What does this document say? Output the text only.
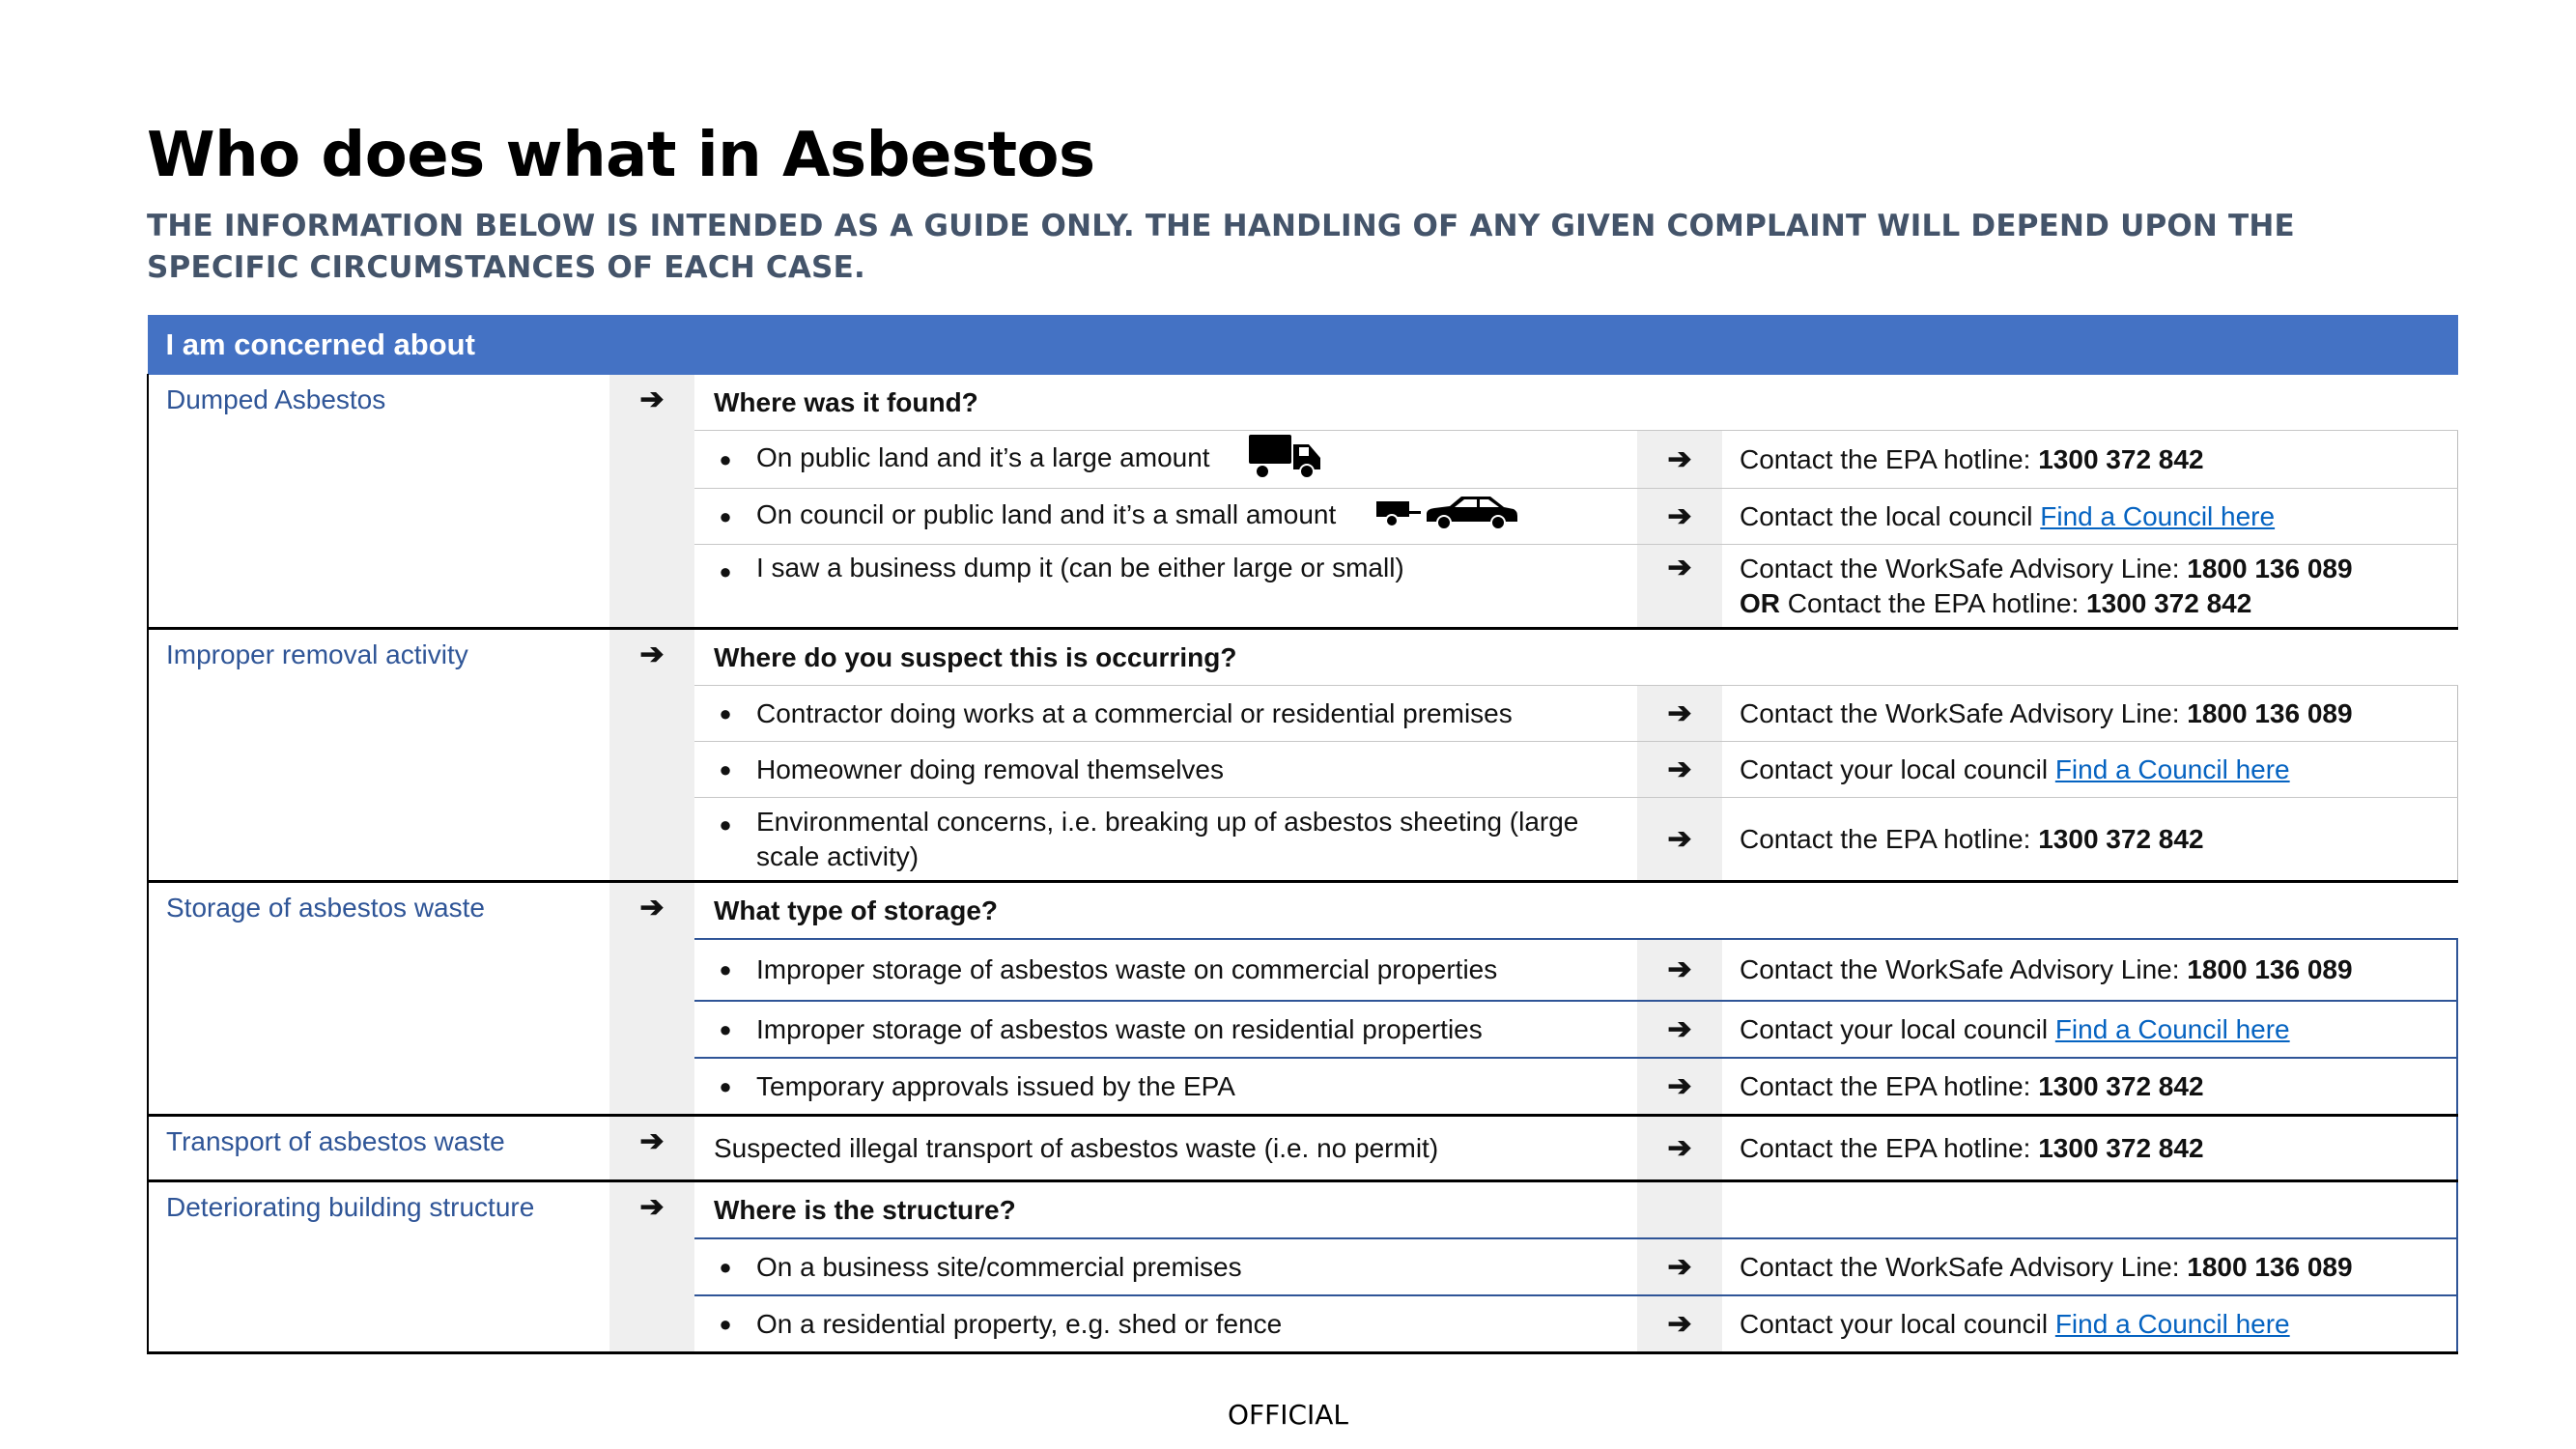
Who does what in Asbestos

THE INFORMATION BELOW IS INTENDED AS A GUIDE ONLY. THE HANDLING OF ANY GIVEN COMPLAINT WILL DEPEND UPON THE SPECIFIC CIRCUMSTANCES OF EACH CASE.

I am concerned about					
Dumped Asbestos	➔	Where was it found?			
		●	On public land and it’s a large amount	➔	Contact the EPA hotline: 1300 372 842
		●	On council or public land and it’s a small amount	➔	Contact the local council Find a Council here
		●	I saw a business dump it (can be either large or small)	➔	Contact the WorkSafe Advisory Line: 1800 136 089
OR Contact the EPA hotline: 1300 372 842
Improper removal activity	➔	Where do you suspect this is occurring?			
		●	Contractor doing works at a commercial or residential premises	➔	Contact the WorkSafe Advisory Line: 1800 136 089
		●	Homeowner doing removal themselves	➔	Contact your local council Find a Council here
		●	Environmental concerns, i.e. breaking up of asbestos sheeting (large scale activity)	➔	Contact the EPA hotline: 1300 372 842
Storage of asbestos waste	➔	What type of storage?			
		●	Improper storage of asbestos waste on commercial properties	➔	Contact the WorkSafe Advisory Line: 1800 136 089
		●	Improper storage of asbestos waste on residential properties	➔	Contact your local council Find a Council here
		●	Temporary approvals issued by the EPA	➔	Contact the EPA hotline: 1300 372 842
Transport of asbestos waste	➔	Suspected illegal transport of asbestos waste (i.e. no permit)		➔	Contact the EPA hotline: 1300 372 842
Deteriorating building structure	➔	Where is the structure?			
		●	On a business site/commercial premises	➔	Contact the WorkSafe Advisory Line: 1800 136 089
		●	On a residential property, e.g. shed or fence	➔	Contact your local council Find a Council here
OFFICIAL
